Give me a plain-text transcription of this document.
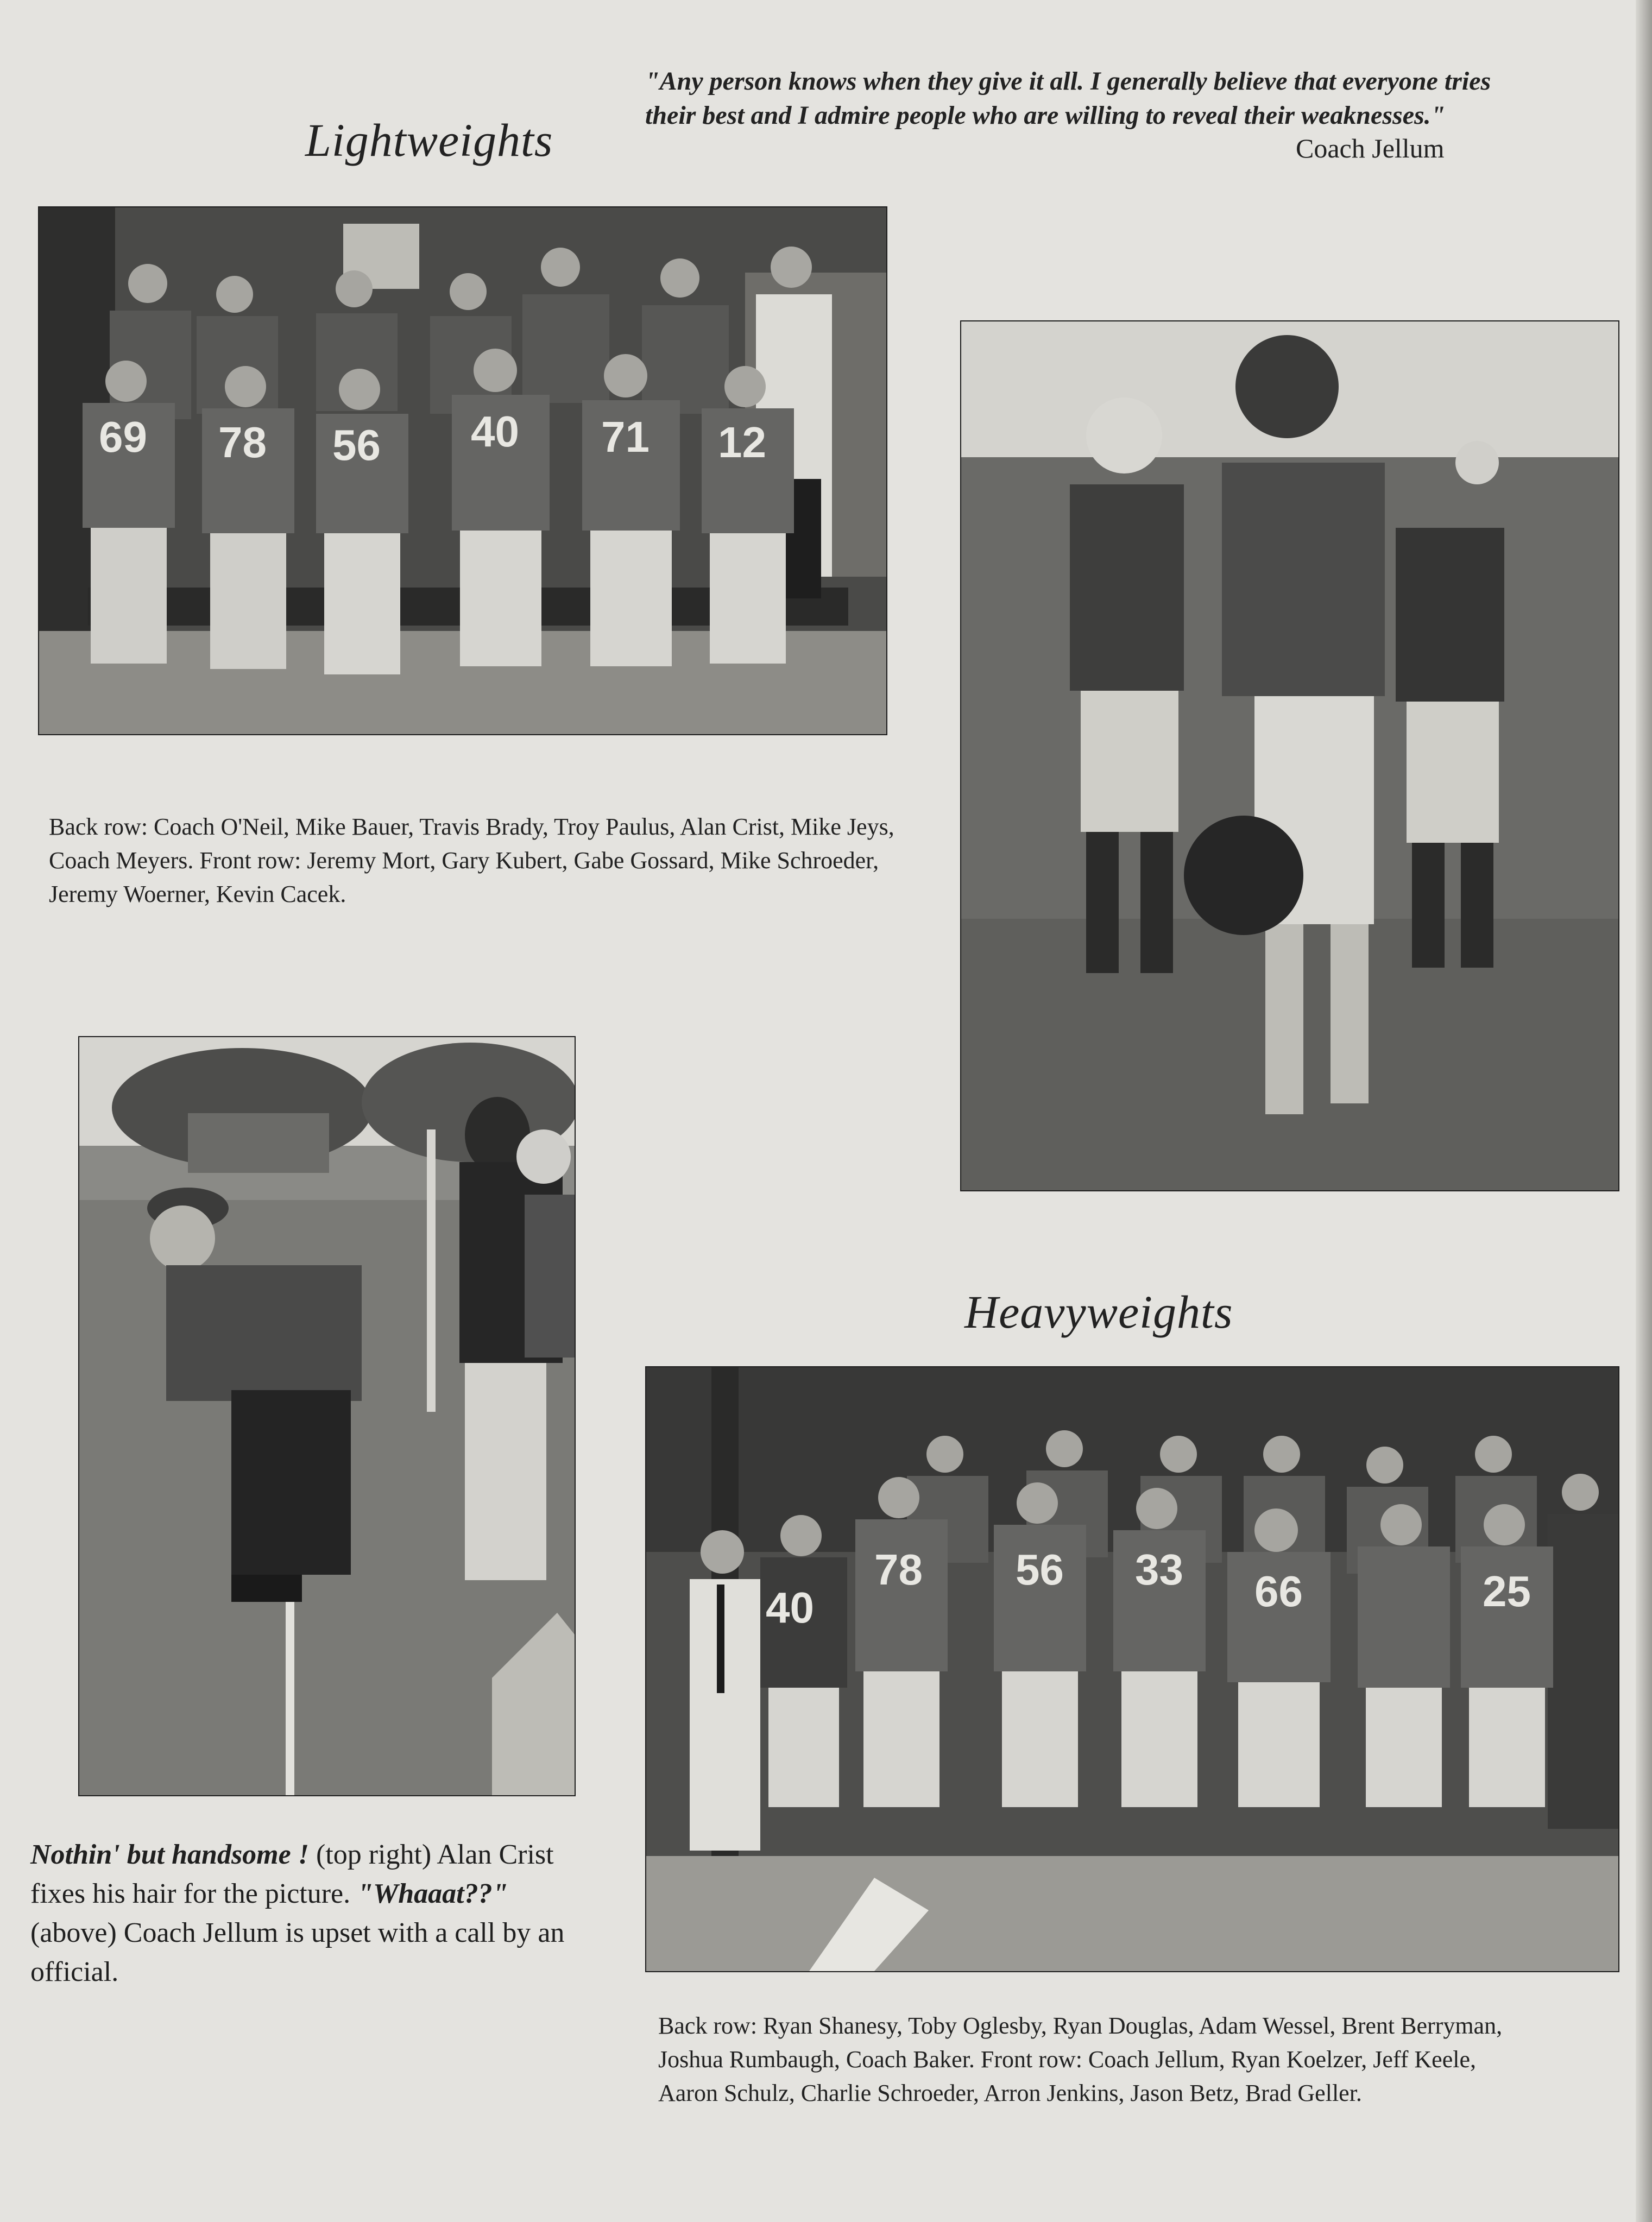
Lightweights
"Any person knows when they give it all. I generally believe that everyone tries their best and I admire people who are willing to reveal their weaknesses."
Coach Jellum
69 78 56 40 71 12
Back row: Coach O'Neil, Mike Bauer, Travis Brady, Troy Paulus, Alan Crist, Mike Jeys, Coach Meyers. Front row: Jeremy Mort, Gary Kubert, Gabe Gossard, Mike Schroeder, Jeremy Woerner, Kevin Cacek.
Nothin' but handsome ! (top right) Alan Crist fixes his hair for the picture. "Whaaat??" (above) Coach Jellum is upset with a call by an official.
Heavyweights
40
78 56 33 66	25
Back row: Ryan Shanesy, Toby Oglesby, Ryan Douglas, Adam Wessel, Brent Berryman, Joshua Rumbaugh, Coach Baker. Front row: Coach Jellum, Ryan Koelzer, Jeff Keele, Aaron Schulz, Charlie Schroeder, Arron Jenkins, Jason Betz, Brad Geller.
